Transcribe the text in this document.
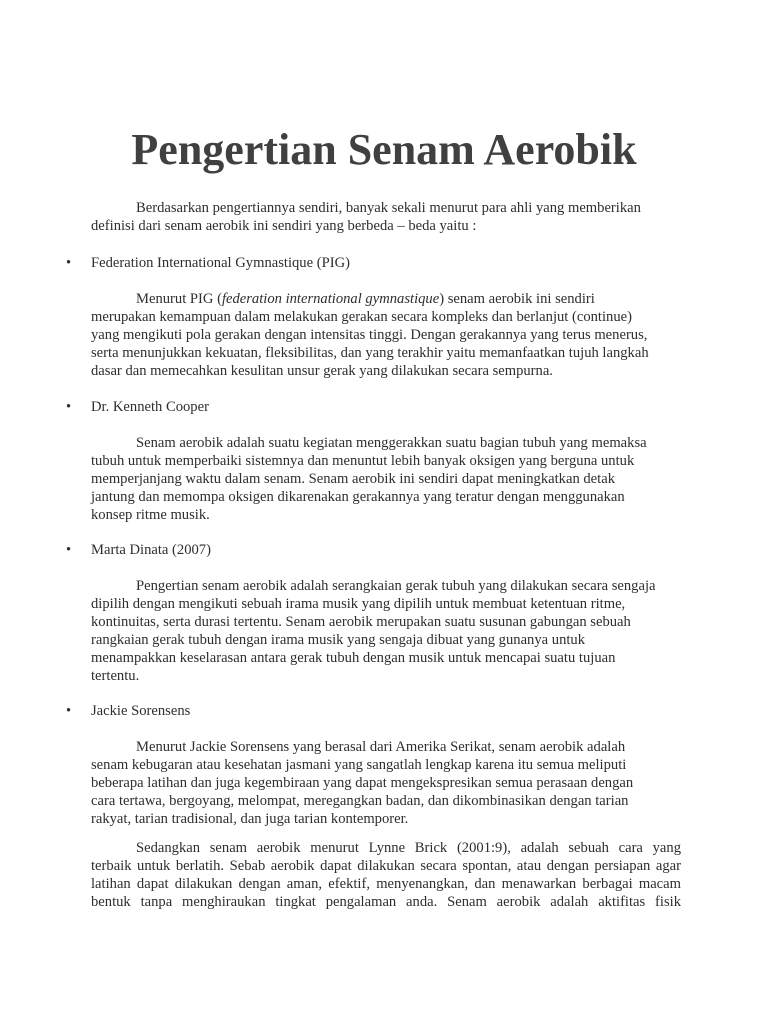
Pengertian Senam Aerobik
Berdasarkan pengertiannya sendiri, banyak sekali menurut para ahli yang memberikan
definisi dari senam aerobik ini sendiri yang berbeda – beda yaitu :
• Federation International Gymnastique (PIG)
Menurut PIG (federation international gymnastique) senam aerobik ini sendiri
merupakan kemampuan dalam melakukan gerakan secara kompleks dan berlanjut (continue)
yang mengikuti pola gerakan dengan intensitas tinggi. Dengan gerakannya yang terus menerus,
serta menunjukkan kekuatan, fleksibilitas, dan yang terakhir yaitu memanfaatkan tujuh langkah
dasar dan memecahkan kesulitan unsur gerak yang dilakukan secara sempurna.
• Dr. Kenneth Cooper
Senam aerobik adalah suatu kegiatan menggerakkan suatu bagian tubuh yang memaksa
tubuh untuk memperbaiki sistemnya dan menuntut lebih banyak oksigen yang berguna untuk
memperjanjang waktu dalam senam. Senam aerobik ini sendiri dapat meningkatkan detak
jantung dan memompa oksigen dikarenakan gerakannya yang teratur dengan menggunakan
konsep ritme musik.
• Marta Dinata (2007)
Pengertian senam aerobik adalah serangkaian gerak tubuh yang dilakukan secara sengaja
dipilih dengan mengikuti sebuah irama musik yang dipilih untuk membuat ketentuan ritme,
kontinuitas, serta durasi tertentu. Senam aerobik merupakan suatu susunan gabungan sebuah
rangkaian gerak tubuh dengan irama musik yang sengaja dibuat yang gunanya untuk
menampakkan keselarasan antara gerak tubuh dengan musik untuk mencapai suatu tujuan
tertentu.
• Jackie Sorensens
Menurut Jackie Sorensens yang berasal dari Amerika Serikat, senam aerobik adalah
senam kebugaran atau kesehatan jasmani yang sangatlah lengkap karena itu semua meliputi
beberapa latihan dan juga kegembiraan yang dapat mengekspresikan semua perasaan dengan
cara tertawa, bergoyang, melompat, meregangkan badan, dan dikombinasikan dengan tarian
rakyat, tarian tradisional, dan juga tarian kontemporer.
Sedangkan senam aerobik menurut Lynne Brick (2001:9), adalah sebuah cara yang
terbaik untuk berlatih. Sebab aerobik dapat dilakukan secara spontan, atau dengan persiapan agar
latihan dapat dilakukan dengan aman, efektif, menyenangkan, dan menawarkan berbagai macam
bentuk tanpa menghiraukan tingkat pengalaman anda. Senam aerobik adalah aktifitas fisik
